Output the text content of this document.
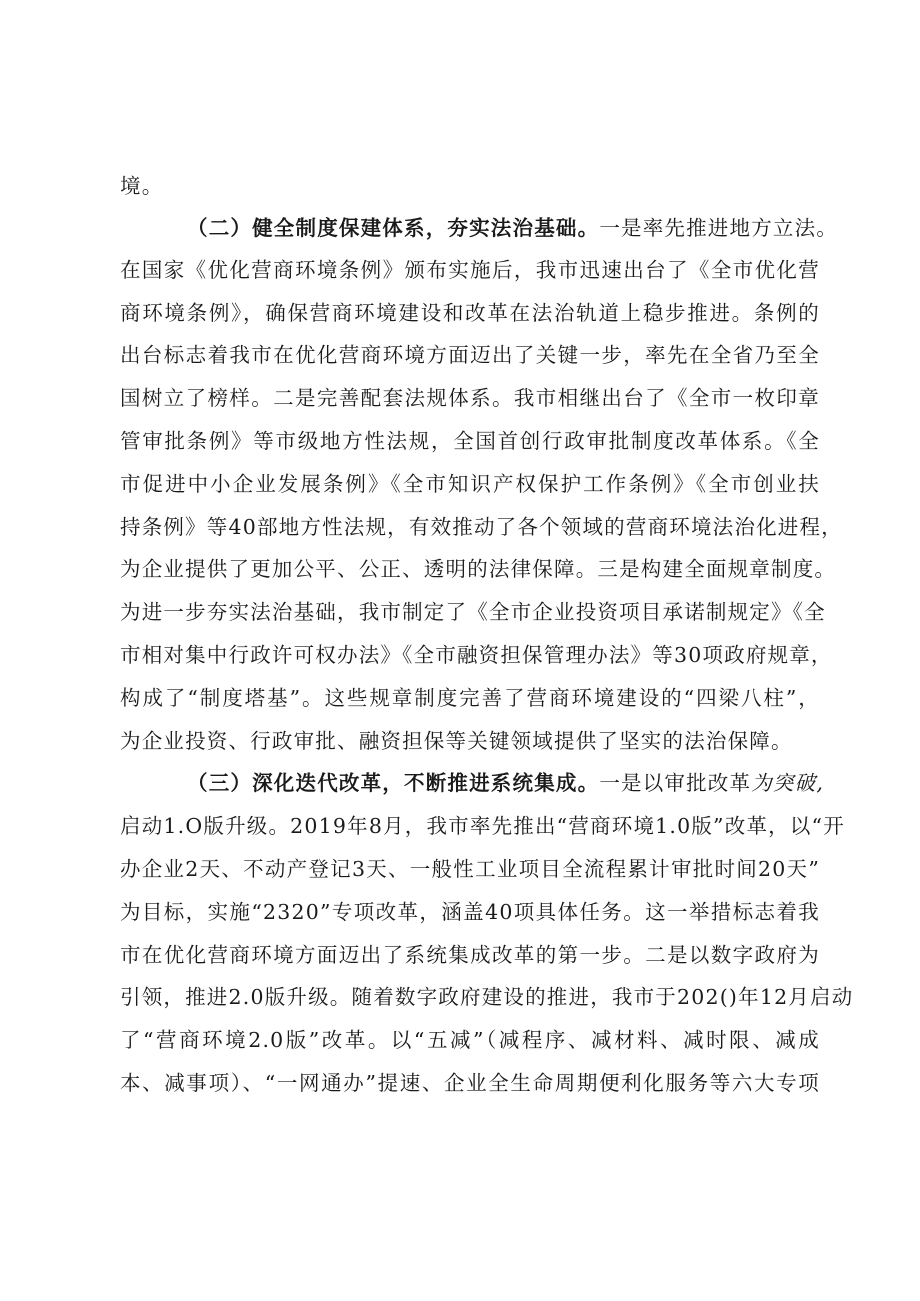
境。
（二）健全制度保建体系，夯实法治基础。一是率先推进地方立法。
在国家《优化营商环境条例》颁布实施后，我市迅速出台了《全市优化营
商环境条例》，确保营商环境建设和改革在法治轨道上稳步推进。条例的
出台标志着我市在优化营商环境方面迈出了关键一步，率先在全省乃至全
国树立了榜样。二是完善配套法规体系。我市相继出台了《全市一枚印章
管审批条例》等市级地方性法规，全国首创行政审批制度改革体系。《全
市促进中小企业发展条例》《全市知识产权保护工作条例》《全市创业扶
持条例》等40部地方性法规，有效推动了各个领域的营商环境法治化进程，
为企业提供了更加公平、公正、透明的法律保障。三是构建全面规章制度。
为进一步夯实法治基础，我市制定了《全市企业投资项目承诺制规定》《全
市相对集中行政许可权办法》《全市融资担保管理办法》等30项政府规章，
构成了“制度塔基”。这些规章制度完善了营商环境建设的“四梁八柱”，
为企业投资、行政审批、融资担保等关键领域提供了坚实的法治保障。
（三）深化迭代改革，不断推进系统集成。一是以审批改革为突破,
启动1.O版升级。2019年8月，我市率先推出“营商环境1.0版”改革，以“开
办企业2天、不动产登记3天、一般性工业项目全流程累计审批时间20天”
为目标，实施“2320”专项改革，涵盖40项具体任务。这一举措标志着我
市在优化营商环境方面迈出了系统集成改革的第一步。二是以数字政府为
引领，推进2.0版升级。随着数字政府建设的推进，我市于202()年12月启动
了“营商环境2.0版”改革。以“五减”（减程序、减材料、减时限、减成
本、减事项）、“一网通办”提速、企业全生命周期便利化服务等六大专项
